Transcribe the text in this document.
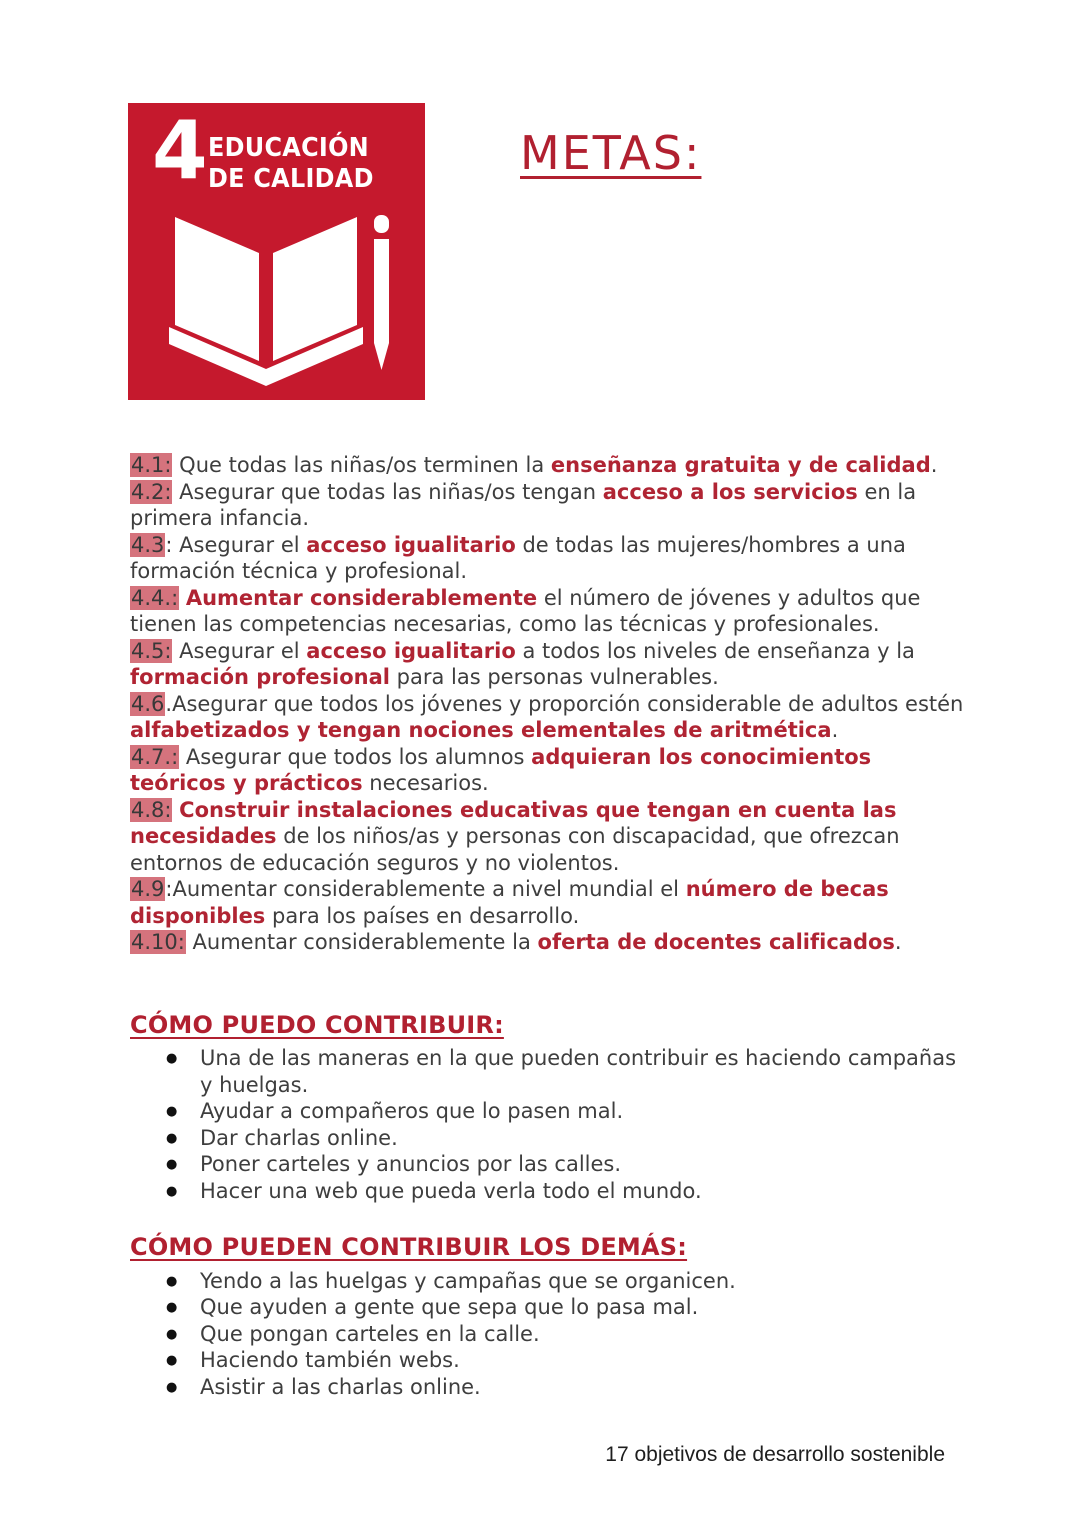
4 EDUCACIÓN
DE CALIDAD	METAS:

4.1: Que todas las niñas/os terminen la enseñanza gratuita y de calidad.

4.2: Asegurar que todas las niñas/os tengan acceso a los servicios en la primera infancia.

4.3: Asegurar el acceso igualitario de todas las mujeres/hombres a una formación técnica y profesional.

4.4.: Aumentar considerablemente el número de jóvenes y adultos que tienen las competencias necesarias, como las técnicas y profesionales.

4.5: Asegurar el acceso igualitario a todos los niveles de enseñanza y la formación profesional para las personas vulnerables.

4.6.Asegurar que todos los jóvenes y proporción considerable de adultos estén alfabetizados y tengan nociones elementales de aritmética.

4.7.: Asegurar que todos los alumnos adquieran los conocimientos teóricos y prácticos necesarios.

4.8: Construir instalaciones educativas que tengan en cuenta las necesidades de los niños/as y personas con discapacidad, que ofrezcan entornos de educación seguros y no violentos.

4.9:Aumentar considerablemente a nivel mundial el número de becas disponibles para los países en desarrollo.

4.10: Aumentar considerablemente la oferta de docentes calificados.

CÓMO PUEDO CONTRIBUIR:
● Una de las maneras en la que pueden contribuir es haciendo campañas y huelgas.
● Ayudar a compañeros que lo pasen mal.
● Dar charlas online.
● Poner carteles y anuncios por las calles.
● Hacer una web que pueda verla todo el mundo.
CÓMO PUEDEN CONTRIBUIR LOS DEMÁS:
● Yendo a las huelgas y campañas que se organicen.
● Que ayuden a gente que sepa que lo pasa mal.
● Que pongan carteles en la calle.
● Haciendo también webs.
● Asistir a las charlas online.
17 objetivos de desarrollo sostenible
